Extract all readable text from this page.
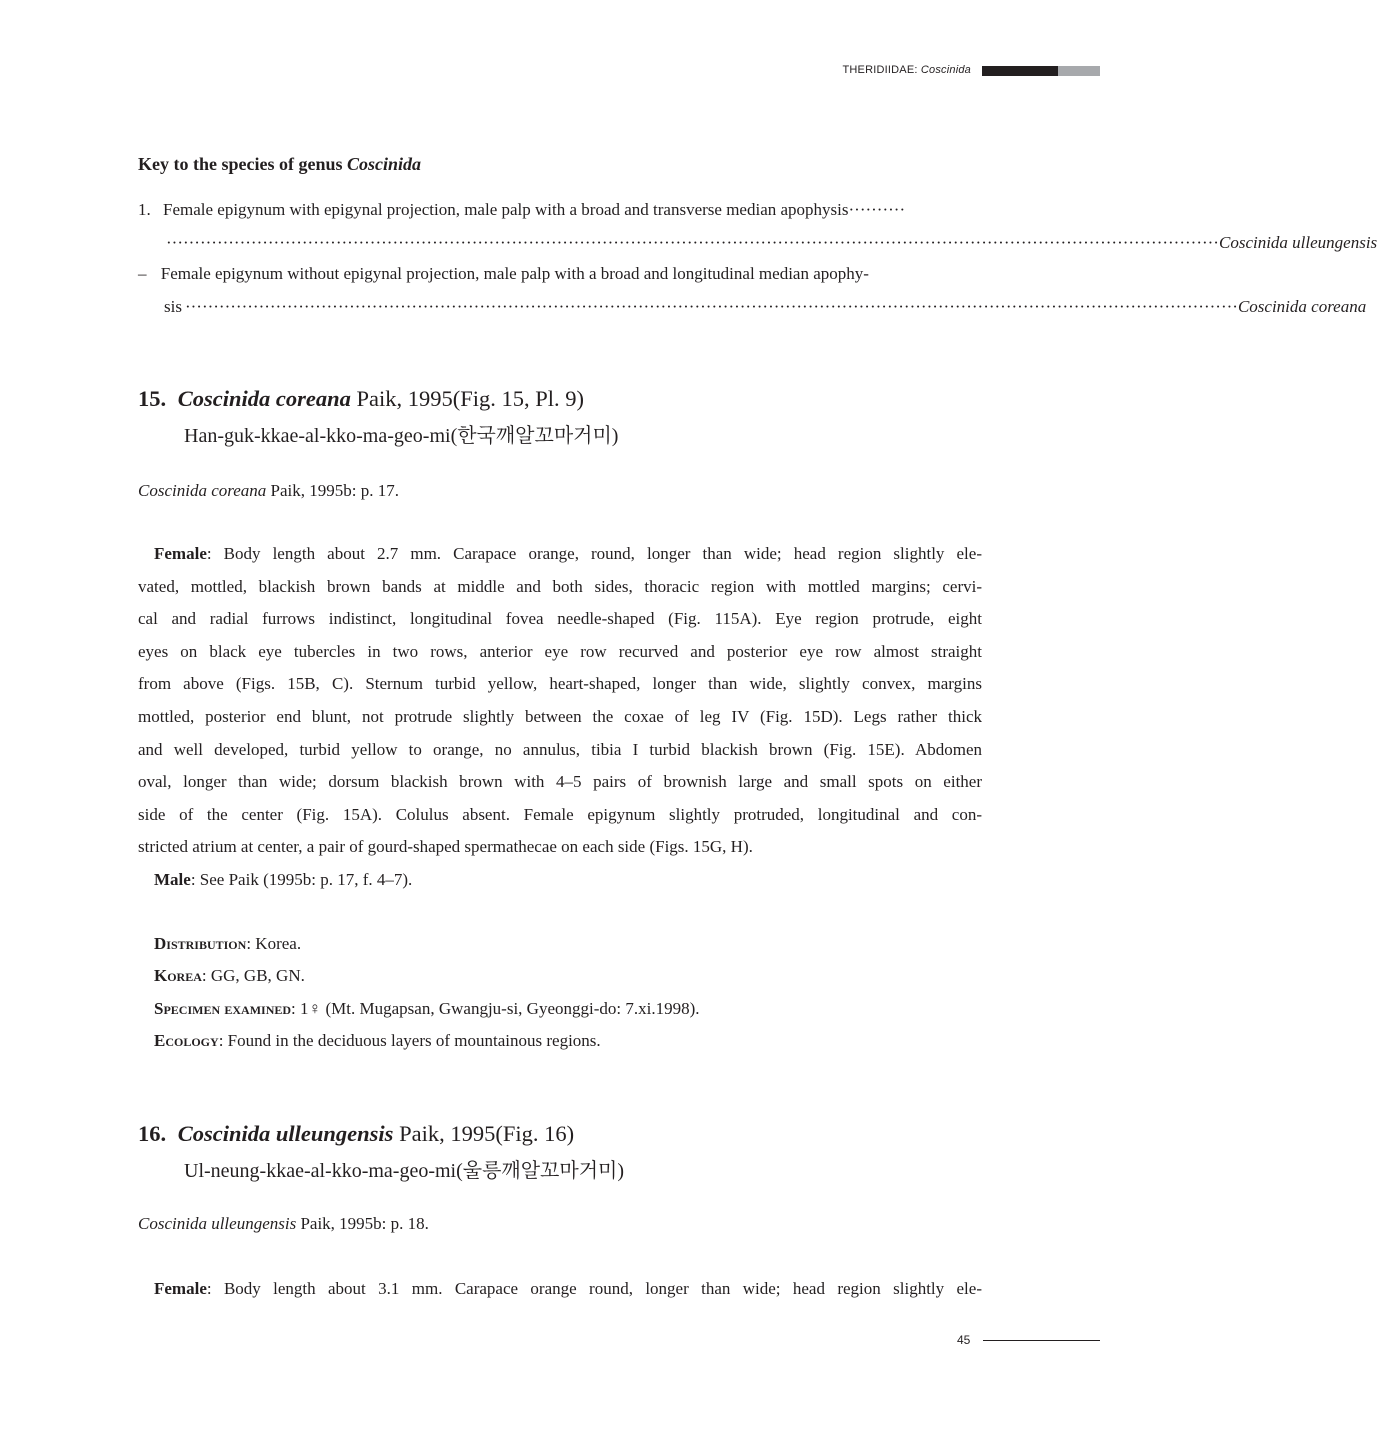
THERIDIIDAE: Coscinida
Key to the species of genus Coscinida
1. Female epigynum with epigynal projection, male palp with a broad and transverse median apophysis··········
·························································································································································································· Coscinida ulleungensis
– Female epigynum without epigynal projection, male palp with a broad and longitudinal median apophy-
sis ·························································································································································································· Coscinida coreana
15. Coscinida coreana Paik, 1995(Fig. 15, Pl. 9)
Han-guk-kkae-al-kko-ma-geo-mi(한국깨알꼬마거미)
Coscinida coreana Paik, 1995b: p. 17.
Female: Body length about 2.7 mm. Carapace orange, round, longer than wide; head region slightly ele-
vated, mottled, blackish brown bands at middle and both sides, thoracic region with mottled margins; cervi-
cal and radial furrows indistinct, longitudinal fovea needle-shaped (Fig. 115A). Eye region protrude, eight
eyes on black eye tubercles in two rows, anterior eye row recurved and posterior eye row almost straight
from above (Figs. 15B, C). Sternum turbid yellow, heart-shaped, longer than wide, slightly convex, margins
mottled, posterior end blunt, not protrude slightly between the coxae of leg IV (Fig. 15D). Legs rather thick
and well developed, turbid yellow to orange, no annulus, tibia I turbid blackish brown (Fig. 15E). Abdomen
oval, longer than wide; dorsum blackish brown with 4–5 pairs of brownish large and small spots on either
side of the center (Fig. 15A). Colulus absent. Female epigynum slightly protruded, longitudinal and con-
stricted atrium at center, a pair of gourd-shaped spermathecae on each side (Figs. 15G, H).
Male: See Paik (1995b: p. 17, f. 4–7).
Distribution: Korea.
Korea: GG, GB, GN.
Specimen examined: 1♀ (Mt. Mugapsan, Gwangju-si, Gyeonggi-do: 7.xi.1998).
Ecology: Found in the deciduous layers of mountainous regions.
16. Coscinida ulleungensis Paik, 1995(Fig. 16)
Ul-neung-kkae-al-kko-ma-geo-mi(울릉깨알꼬마거미)
Coscinida ulleungensis Paik, 1995b: p. 18.
Female: Body length about 3.1 mm. Carapace orange round, longer than wide; head region slightly ele-
45
